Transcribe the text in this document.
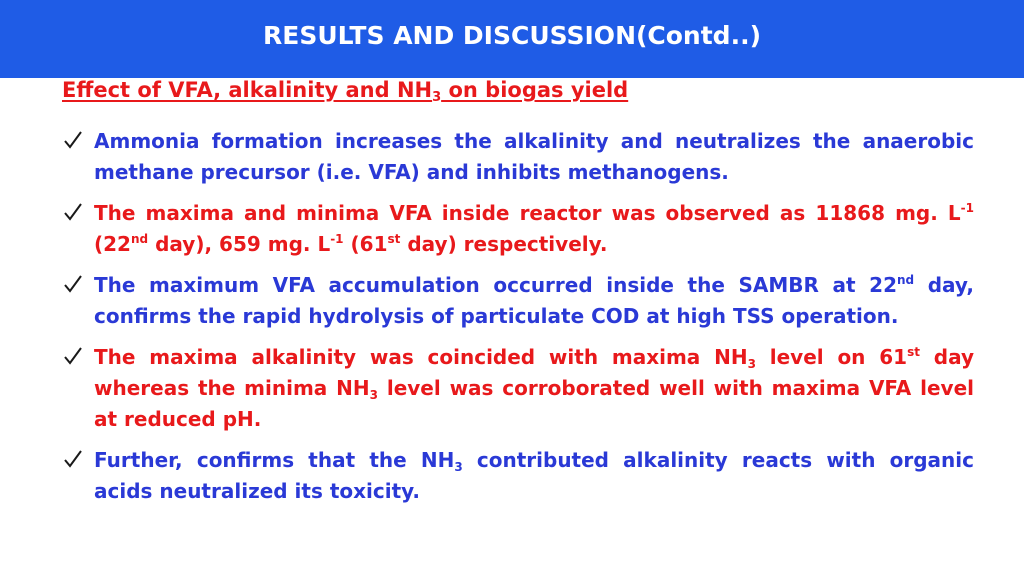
RESULTS AND DISCUSSION(Contd..)
Effect of VFA, alkalinity and $NH_3$ on biogas yield
Ammonia formation increases the alkalinity and neutralizes the anaerobic methane precursor (i.e. VFA) and inhibits methanogens.
The maxima and minima VFA inside reactor was observed as 11868 mg. $L^{-1}$ (22nd day), 659 mg. $L^{-1}$ (61st day) respectively.
The maximum VFA accumulation occurred inside the SAMBR at 22nd day, confirms the rapid hydrolysis of particulate COD at high TSS operation.
The maxima alkalinity was coincided with maxima $NH_3$ level on 61st day whereas the minima $NH_3$ level was corroborated well with maxima VFA level at reduced pH.
Further, confirms that the $NH_3$ contributed alkalinity reacts with organic acids neutralized its toxicity.
